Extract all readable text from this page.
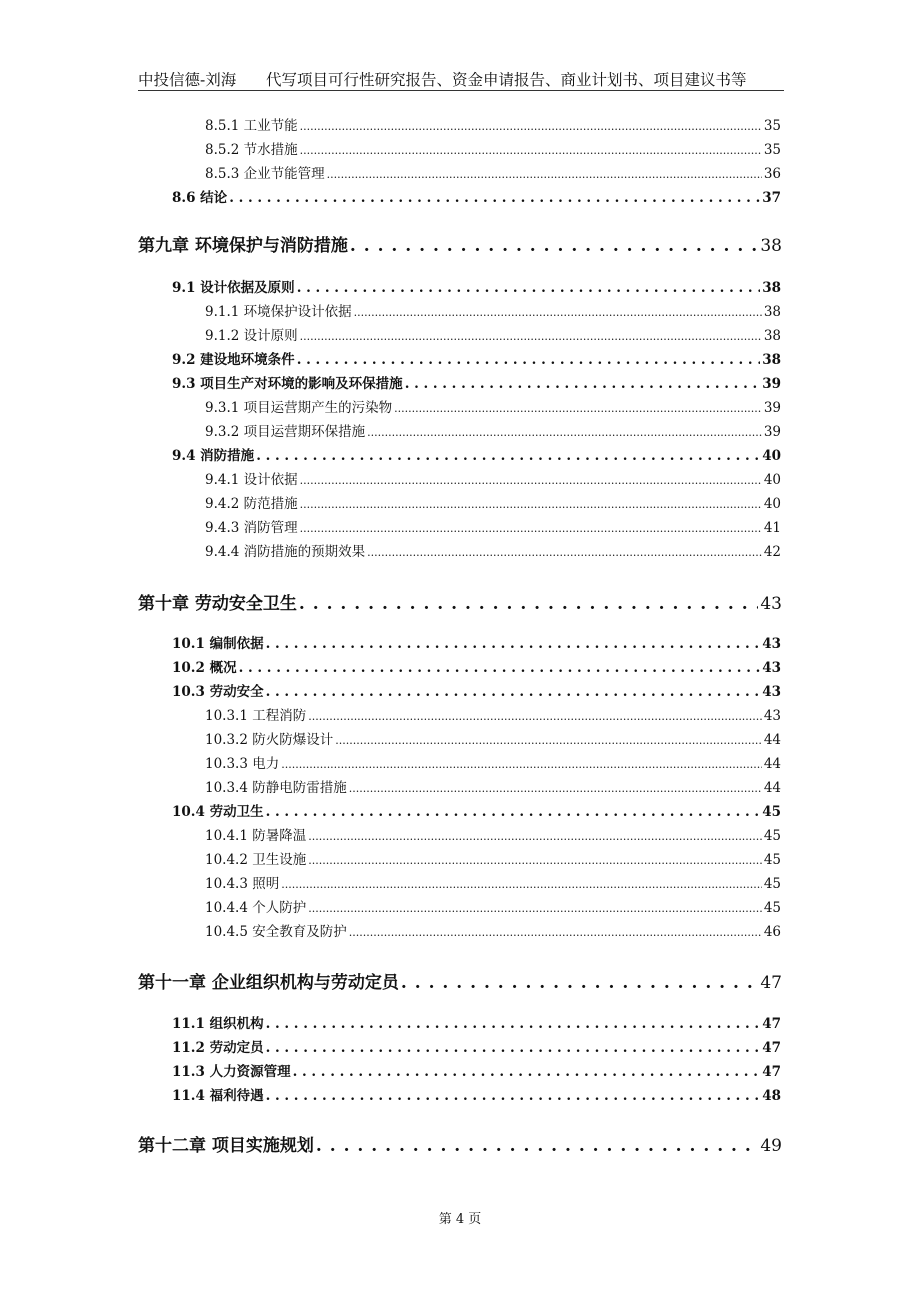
中投信德-刘海 代写项目可行性研究报告、资金申请报告、商业计划书、项目建议书等
8.5.1 工业节能 .....	35
8.5.2 节水措施 .....	35
8.5.3 企业节能管理 .....	36
8.6 结论 . . .	37
第九章 环境保护与消防措施 . . .	38
9.1 设计依据及原则 . . .	38
9.1.1 环境保护设计依据 .....	38
9.1.2 设计原则 .....	38
9.2 建设地环境条件 . . .	38
9.3 项目生产对环境的影响及环保措施 . . .	39
9.3.1 项目运营期产生的污染物 .....	39
9.3.2 项目运营期环保措施 .....	39
9.4 消防措施 . . .	40
9.4.1 设计依据 .....	40
9.4.2 防范措施 .....	40
9.4.3 消防管理 .....	41
9.4.4 消防措施的预期效果 .....	42
第十章 劳动安全卫生 . . .	43
10.1 编制依据 . . .	43
10.2 概况 . . .	43
10.3 劳动安全 . . .	43
10.3.1 工程消防 .....	43
10.3.2 防火防爆设计 .....	44
10.3.3 电力 .....	44
10.3.4 防静电防雷措施 .....	44
10.4 劳动卫生 . . .	45
10.4.1 防暑降温 .....	45
10.4.2 卫生设施 .....	45
10.4.3 照明 .....	45
10.4.4 个人防护 .....	45
10.4.5 安全教育及防护 .....	46
第十一章 企业组织机构与劳动定员 . . .	47
11.1 组织机构 . . .	47
11.2 劳动定员 . . .	47
11.3 人力资源管理 . . .	47
11.4 福利待遇 . . .	48
第十二章 项目实施规划 . . .	49
第 4 页
